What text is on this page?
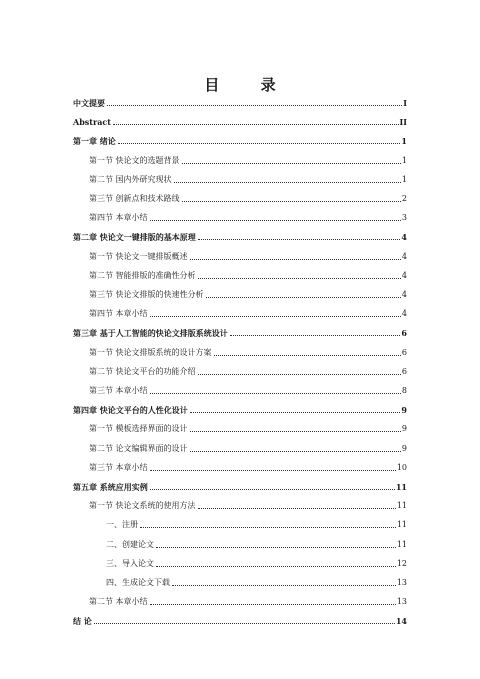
目 录
中文提要	I
Abstract	II
第一章 绪论	1
第一节 快论文的选题背景	1
第二节 国内外研究现状	1
第三节 创新点和技术路线	2
第四节 本章小结	3
第二章 快论文一键排版的基本原理	4
第一节 快论文一键排版概述	4
第二节 智能排版的准确性分析	4
第三节 快论文排版的快速性分析	4
第四节 本章小结	4
第三章 基于人工智能的快论文排版系统设计	6
第一节 快论文排版系统的设计方案	6
第二节 快论文平台的功能介绍	6
第三节 本章小结	8
第四章 快论文平台的人性化设计	9
第一节 模板选择界面的设计	9
第二节 论文编辑界面的设计	9
第三节 本章小结	10
第五章 系统应用实例	11
第一节 快论文系统的使用方法	11
一、注册	11
二、创建论文	11
三、导入论文	12
四、生成论文下载	13
第二节 本章小结	13
结 论	14
